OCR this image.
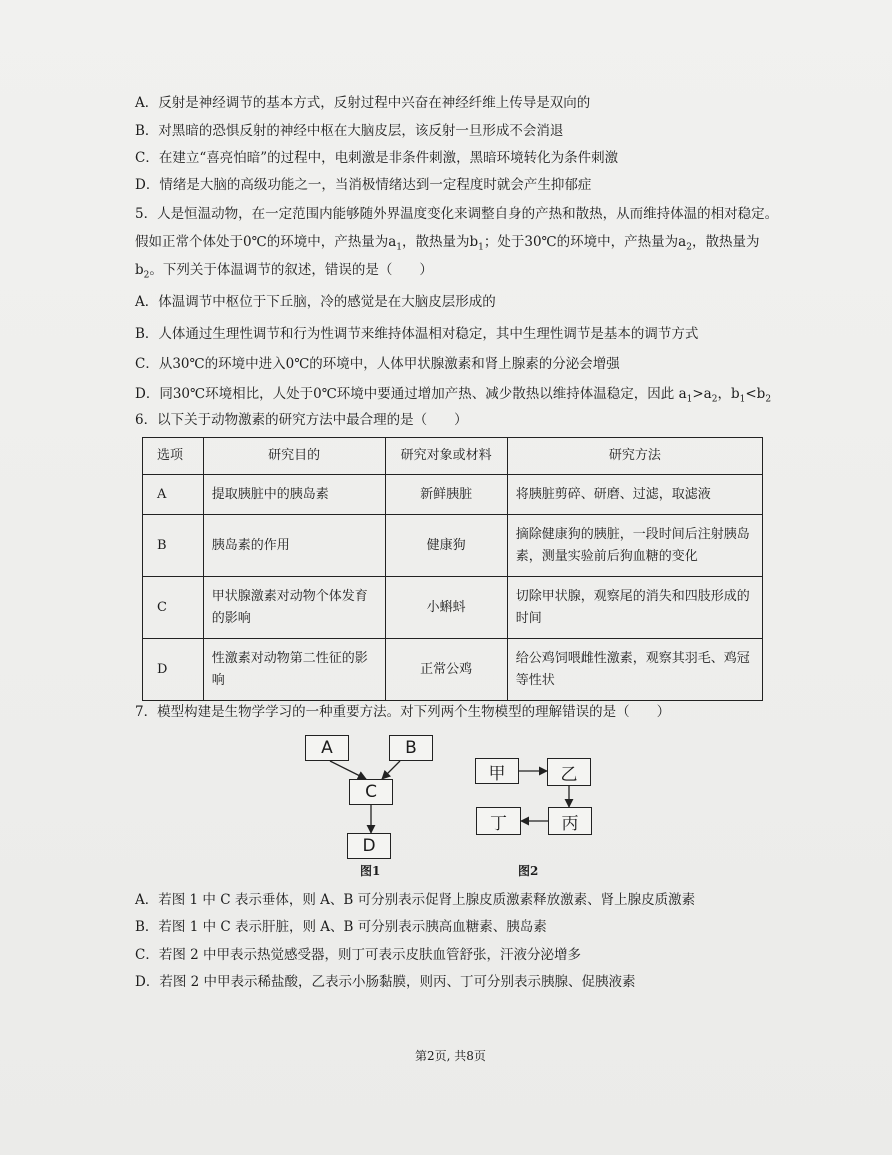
A．反射是神经调节的基本方式，反射过程中兴奋在神经纤维上传导是双向的
B．对黑暗的恐惧反射的神经中枢在大脑皮层，该反射一旦形成不会消退
C．在建立“喜亮怕暗”的过程中，电刺激是非条件刺激，黑暗环境转化为条件刺激
D．情绪是大脑的高级功能之一，当消极情绪达到一定程度时就会产生抑郁症
5．人是恒温动物，在一定范围内能够随外界温度变化来调整自身的产热和散热，从而维持体温的相对稳定。
假如正常个体处于0℃的环境中，产热量为$a_1$，散热量为$b_1$；处于30℃的环境中，产热量为$a_2$，散热量为
$b_2$。下列关于体温调节的叙述，错误的是（　　）
A．体温调节中枢位于下丘脑，冷的感觉是在大脑皮层形成的
B．人体通过生理性调节和行为性调节来维持体温相对稳定，其中生理性调节是基本的调节方式
C．从30℃的环境中进入0℃的环境中，人体甲状腺激素和肾上腺素的分泌会增强
D．同30℃环境相比，人处于0℃环境中要通过增加产热、减少散热以维持体温稳定，因此 $a_1>a_2$，$b_1<b_2$
6．以下关于动物激素的研究方法中最合理的是（　　）
选项	研究目的	研究对象或材料	研究方法
A	提取胰脏中的胰岛素	新鲜胰脏	将胰脏剪碎、研磨、过滤，取滤液
B	胰岛素的作用	健康狗	摘除健康狗的胰脏，一段时间后注射胰岛素，测量实验前后狗血糖的变化
C	甲状腺激素对动物个体发育的影响	小蝌蚪	切除甲状腺，观察尾的消失和四肢形成的时间
D	性激素对动物第二性征的影响	正常公鸡	给公鸡饲喂雌性激素，观察其羽毛、鸡冠等性状
7．模型构建是生物学学习的一种重要方法。对下列两个生物模型的理解错误的是（　　）
A	B
C
D
图1
甲	乙
丙
丁
图2
A．若图 1 中 C 表示垂体，则 A、B 可分别表示促肾上腺皮质激素释放激素、肾上腺皮质激素
B．若图 1 中 C 表示肝脏，则 A、B 可分别表示胰高血糖素、胰岛素
C．若图 2 中甲表示热觉感受器，则丁可表示皮肤血管舒张，汗液分泌增多
D．若图 2 中甲表示稀盐酸，乙表示小肠黏膜，则丙、丁可分别表示胰腺、促胰液素
第2页, 共8页
